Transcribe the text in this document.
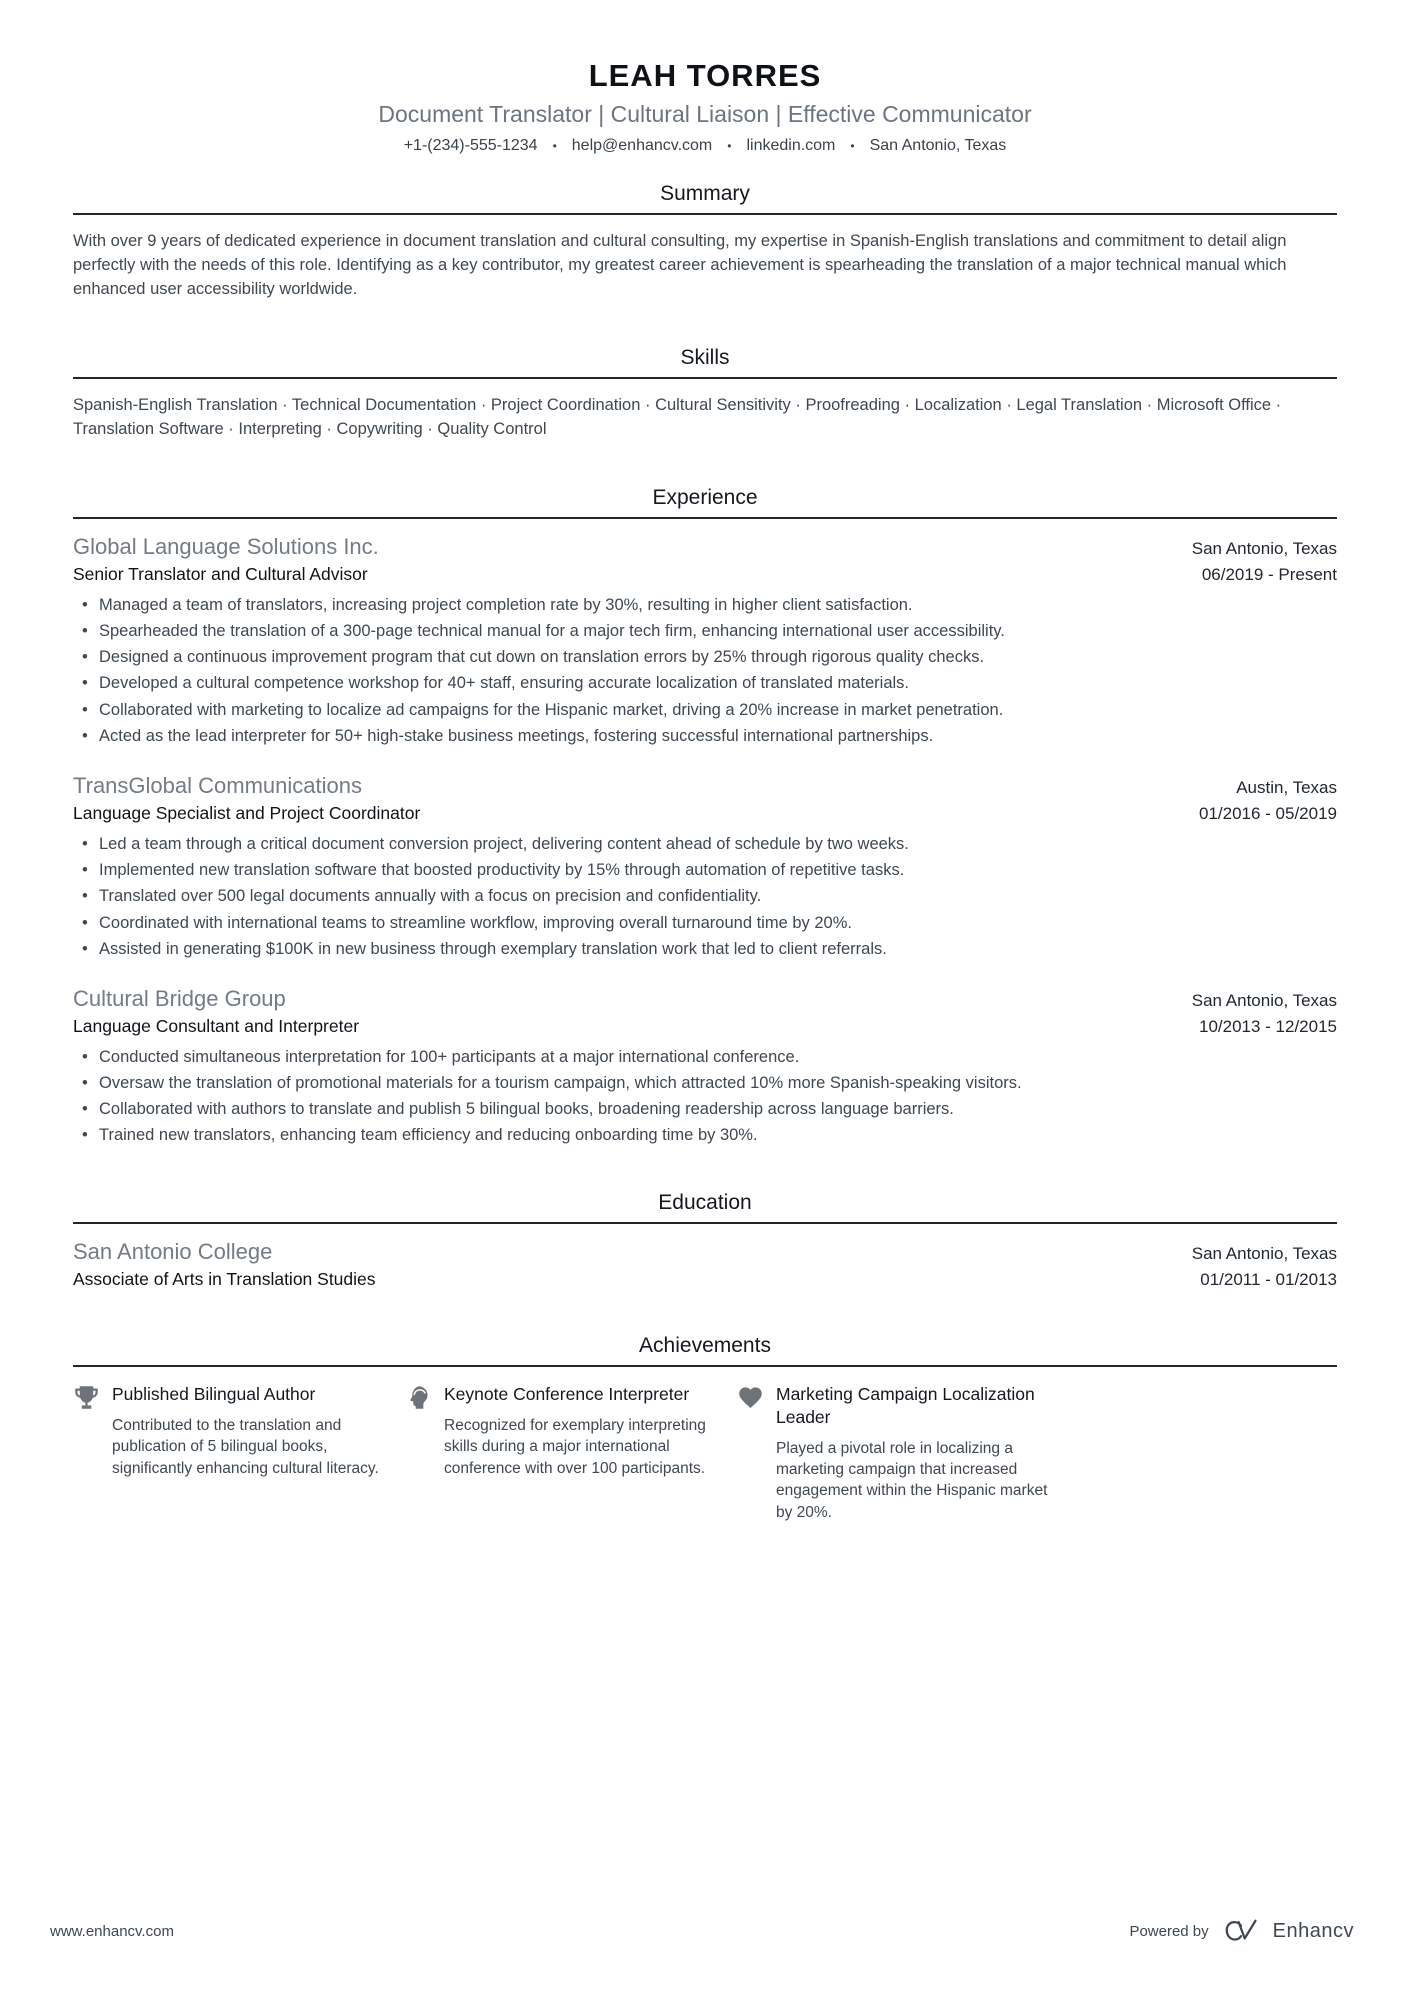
LEAH TORRES
Document Translator | Cultural Liaison | Effective Communicator
+1-(234)-555-1234 • help@enhancv.com • linkedin.com • San Antonio, Texas
Summary

With over 9 years of dedicated experience in document translation and cultural consulting, my expertise in Spanish-English translations and commitment to detail align perfectly with the needs of this role. Identifying as a key contributor, my greatest career achievement is spearheading the translation of a major technical manual which enhanced user accessibility worldwide.

Skills

Spanish-English Translation · Technical Documentation · Project Coordination · Cultural Sensitivity · Proofreading · Localization · Legal Translation · Microsoft Office · Translation Software · Interpreting · Copywriting · Quality Control

Experience
Global Language Solutions Inc.	San Antonio, Texas
Senior Translator and Cultural Advisor	06/2019 - Present
• Managed a team of translators, increasing project completion rate by 30%, resulting in higher client satisfaction.
• Spearheaded the translation of a 300-page technical manual for a major tech firm, enhancing international user accessibility.
• Designed a continuous improvement program that cut down on translation errors by 25% through rigorous quality checks.
• Developed a cultural competence workshop for 40+ staff, ensuring accurate localization of translated materials.
• Collaborated with marketing to localize ad campaigns for the Hispanic market, driving a 20% increase in market penetration.
• Acted as the lead interpreter for 50+ high-stake business meetings, fostering successful international partnerships.
TransGlobal Communications	Austin, Texas
Language Specialist and Project Coordinator	01/2016 - 05/2019
• Led a team through a critical document conversion project, delivering content ahead of schedule by two weeks.
• Implemented new translation software that boosted productivity by 15% through automation of repetitive tasks.
• Translated over 500 legal documents annually with a focus on precision and confidentiality.
• Coordinated with international teams to streamline workflow, improving overall turnaround time by 20%.
• Assisted in generating $100K in new business through exemplary translation work that led to client referrals.
Cultural Bridge Group	San Antonio, Texas
Language Consultant and Interpreter	10/2013 - 12/2015
• Conducted simultaneous interpretation for 100+ participants at a major international conference.
• Oversaw the translation of promotional materials for a tourism campaign, which attracted 10% more Spanish-speaking visitors.
• Collaborated with authors to translate and publish 5 bilingual books, broadening readership across language barriers.
• Trained new translators, enhancing team efficiency and reducing onboarding time by 30%.
Education
San Antonio College	San Antonio, Texas
Associate of Arts in Translation Studies	01/2011 - 01/2013
Achievements
Published Bilingual Author

Contributed to the translation and publication of 5 bilingual books, significantly enhancing cultural literacy.

Keynote Conference Interpreter

Recognized for exemplary interpreting skills during a major international conference with over 100 participants.

Marketing Campaign Localization Leader

Played a pivotal role in localizing a marketing campaign that increased engagement within the Hispanic market by 20%.

www.enhancv.com	Powered by	Enhancv
